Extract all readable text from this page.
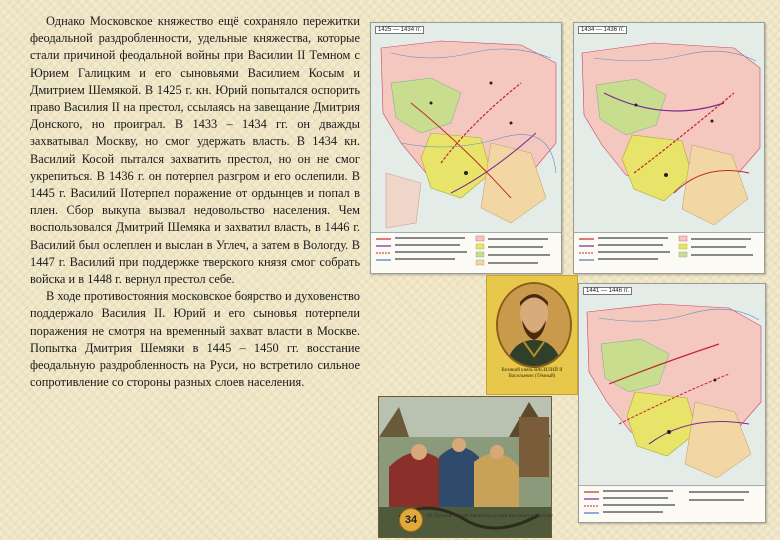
Однако Московское княжество ещё сохраняло пережитки феодальной раздробленности, удельные княжества, которые стали причиной феодальной войны при Василии II Темном с Юрием Галицким и его сыновьями Василием Косым и Дмитрием Шемякой. В 1425 г. кн. Юрий попытался оспорить право Василия II на престол, ссылаясь на завещание Дмитрия Донского, но проиграл. В 1433 – 1434 гг. он дважды захватывал Москву, но смог удержать власть. В 1434 кн. Василий Косой пытался захватить престол, но он не смог укрепиться. В 1436 г. он потерпел разгром и его ослепили. В 1445 г. Василий IIотерпел поражение от ордынцев и попал в плен. Сбор выкупа вызвал недовольство населения. Чем воспользовался Дмитрий Шемяка и захватил власть, в 1446 г. Василий был ослеплен и выслан в Углеч, а затем в Вологду. В 1447 г. Василий при поддержке тверского князя смог собрать войска и в 1448 г. вернул престол себе.

В ходе противостояния московское боярство и духовенство поддержало Василия II. Юрий и его сыновья потерпели поражения не смотря на временный захват власти в Москве. Попытка Дмитрия Шемяки в 1445 – 1450 гг. восстание феодальную раздробленность на Руси, но встретило сильное сопротивление со стороны разных слоев населения.

1425 — 1434 гг.	1434 — 1436 гг.
1441 — 1446 гг.
Великий князь ВАСИЛИЙ II Васильевич (Тёмный)
34	М. Ерохов. Юрий Звенигородский въезжает в Москву
